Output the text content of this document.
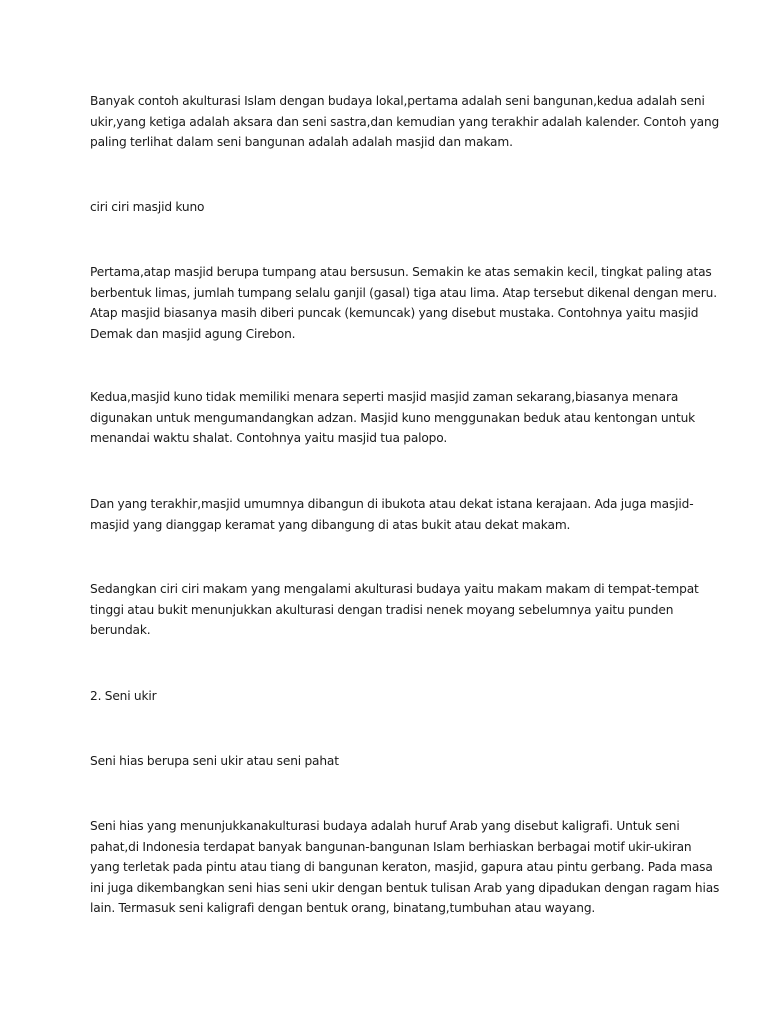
Banyak contoh akulturasi Islam dengan budaya lokal,pertama adalah seni bangunan,kedua adalah seni
ukir,yang ketiga adalah aksara dan seni sastra,dan kemudian yang terakhir adalah kalender. Contoh yang
paling terlihat dalam seni bangunan adalah adalah masjid dan makam.

ciri ciri masjid kuno

Pertama,atap masjid berupa tumpang atau bersusun. Semakin ke atas semakin kecil, tingkat paling atas
berbentuk limas, jumlah tumpang selalu ganjil (gasal) tiga atau lima. Atap tersebut dikenal dengan meru.
Atap masjid biasanya masih diberi puncak (kemuncak) yang disebut mustaka. Contohnya yaitu masjid
Demak dan masjid agung Cirebon.

Kedua,masjid kuno tidak memiliki menara seperti masjid masjid zaman sekarang,biasanya menara
digunakan untuk mengumandangkan adzan. Masjid kuno menggunakan beduk atau kentongan untuk
menandai waktu shalat. Contohnya yaitu masjid tua palopo.

Dan yang terakhir,masjid umumnya dibangun di ibukota atau dekat istana kerajaan. Ada juga masjid-
masjid yang dianggap keramat yang dibangung di atas bukit atau dekat makam.

Sedangkan ciri ciri makam yang mengalami akulturasi budaya yaitu makam makam di tempat-tempat
tinggi atau bukit menunjukkan akulturasi dengan tradisi nenek moyang sebelumnya yaitu punden
berundak.

2. Seni ukir

Seni hias berupa seni ukir atau seni pahat

Seni hias yang menunjukkanakulturasi budaya adalah huruf Arab yang disebut kaligrafi. Untuk seni
pahat,di Indonesia terdapat banyak bangunan-bangunan Islam berhiaskan berbagai motif ukir-ukiran
yang terletak pada pintu atau tiang di bangunan keraton, masjid, gapura atau pintu gerbang. Pada masa
ini juga dikembangkan seni hias seni ukir dengan bentuk tulisan Arab yang dipadukan dengan ragam hias
lain. Termasuk seni kaligrafi dengan bentuk orang, binatang,tumbuhan atau wayang.
